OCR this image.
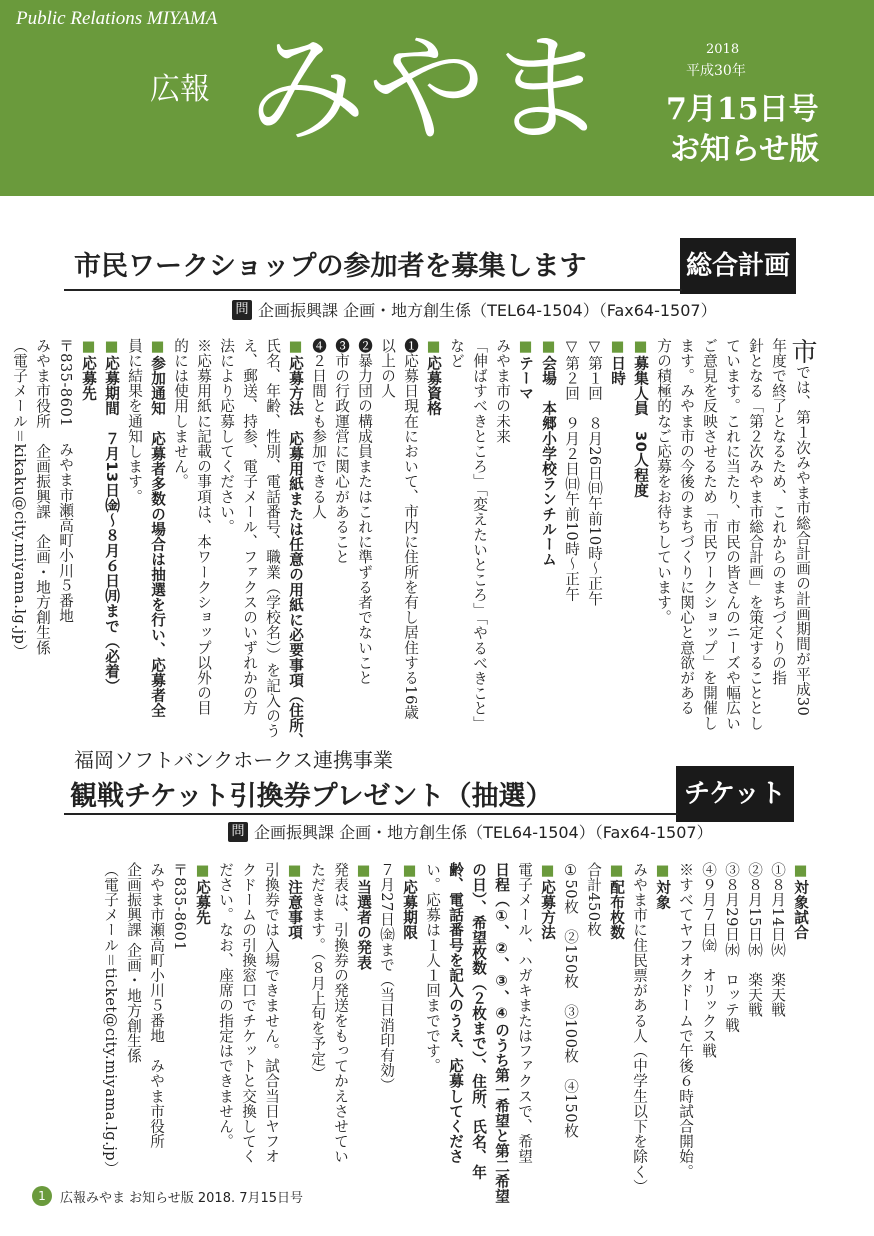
Public Relations MIYAMA
広報 みやま	2018
平成30年
7月15日号
お知らせ版
市民ワークショップの参加者を募集します	総合計画
問 企画振興課 企画・地方創生係（TEL64-1504）（Fax64-1507）
市では、第１次みやま市総合計画の計画期間が平成30
年度で終了となるため、これからのまちづくりの指
針となる「第２次みやま市総合計画」を策定することとし
ています。これに当たり、市民の皆さんのニーズや幅広い
ご意見を反映させるため「市民ワークショップ」を開催し
ます。みやま市の今後のまちづくりに関心と意欲がある
方の積極的なご応募をお待ちしています。
■ 募集人員　30人程度
■ 日時
▽第１回　８月26日㈰午前10時～正午
▽第２回　９月２日㈰午前10時～正午
■ 会場　本郷小学校ランチルーム
■ テーマ
みやま市の未来
「伸ばすべきところ」「変えたいところ」「やるべきこと」
など
■ 応募資格
❶応募日現在において、市内に住所を有し居住する16歳
以上の人
❷暴力団の構成員またはこれに準ずる者でないこと
❸市の行政運営に関心があること
❹２日間とも参加できる人
■ 応募方法　応募用紙または任意の用紙に必要事項（住所、
氏名、年齢、性別、電話番号、職業（学校名））を記入のう
え、郵送、持参、電子メール、ファクスのいずれかの方
法により応募してください。
※応募用紙に記載の事項は、本ワークショップ以外の目
的には使用しません。
■ 参加通知　応募者多数の場合は抽選を行い、応募者全
員に結果を通知します。
■ 応募期間　７月13日㈮～８月６日㈪まで（必着）
■ 応募先
〒835-8601　みやま市瀬高町小川５番地
みやま市役所　企画振興課　企画・地方創生係
（電子メール＝kikaku@city.miyama.lg.jp）
福岡ソフトバンクホークス連携事業
観戦チケット引換券プレゼント（抽選）	チケット
問 企画振興課 企画・地方創生係（TEL64-1504）（Fax64-1507）
■ 対象試合
①８月14日㈫　楽天戦
②８月15日㈬　楽天戦
③８月29日㈬　ロッテ戦
④９月７日㈮　オリックス戦
※すべてヤフオクドームで午後６時試合開始。
■ 対象
みやま市に住民票がある人（中学生以下を除く）
■ 配布枚数
合計450枚
①50枚　②150枚　③100枚　④150枚
■ 応募方法
電子メール、ハガキまたはファクスで、希望
日程（①、②、③、④のうち第一希望と第二希望
の日）、希望枚数（２枚まで）、住所、氏名、年
齢、電話番号を記入のうえ、応募してくださ
い。応募は１人１回までです。
■ 応募期限
７月27日㈮まで（当日消印有効）
■ 当選者の発表
発表は、引換券の発送をもってかえさせてい
ただきます。（８月上旬を予定）
■ 注意事項
引換券では入場できません。試合当日ヤフオ
クドームの引換窓口でチケットと交換してく
ださい。なお、座席の指定はできません。
■ 応募先
〒835-8601
みやま市瀬高町小川５番地　みやま市役所
企画振興課 企画・地方創生係
（電子メール＝ticket@city.miyama.lg.jp）
1	広報みやま お知らせ版 2018. 7月15日号
